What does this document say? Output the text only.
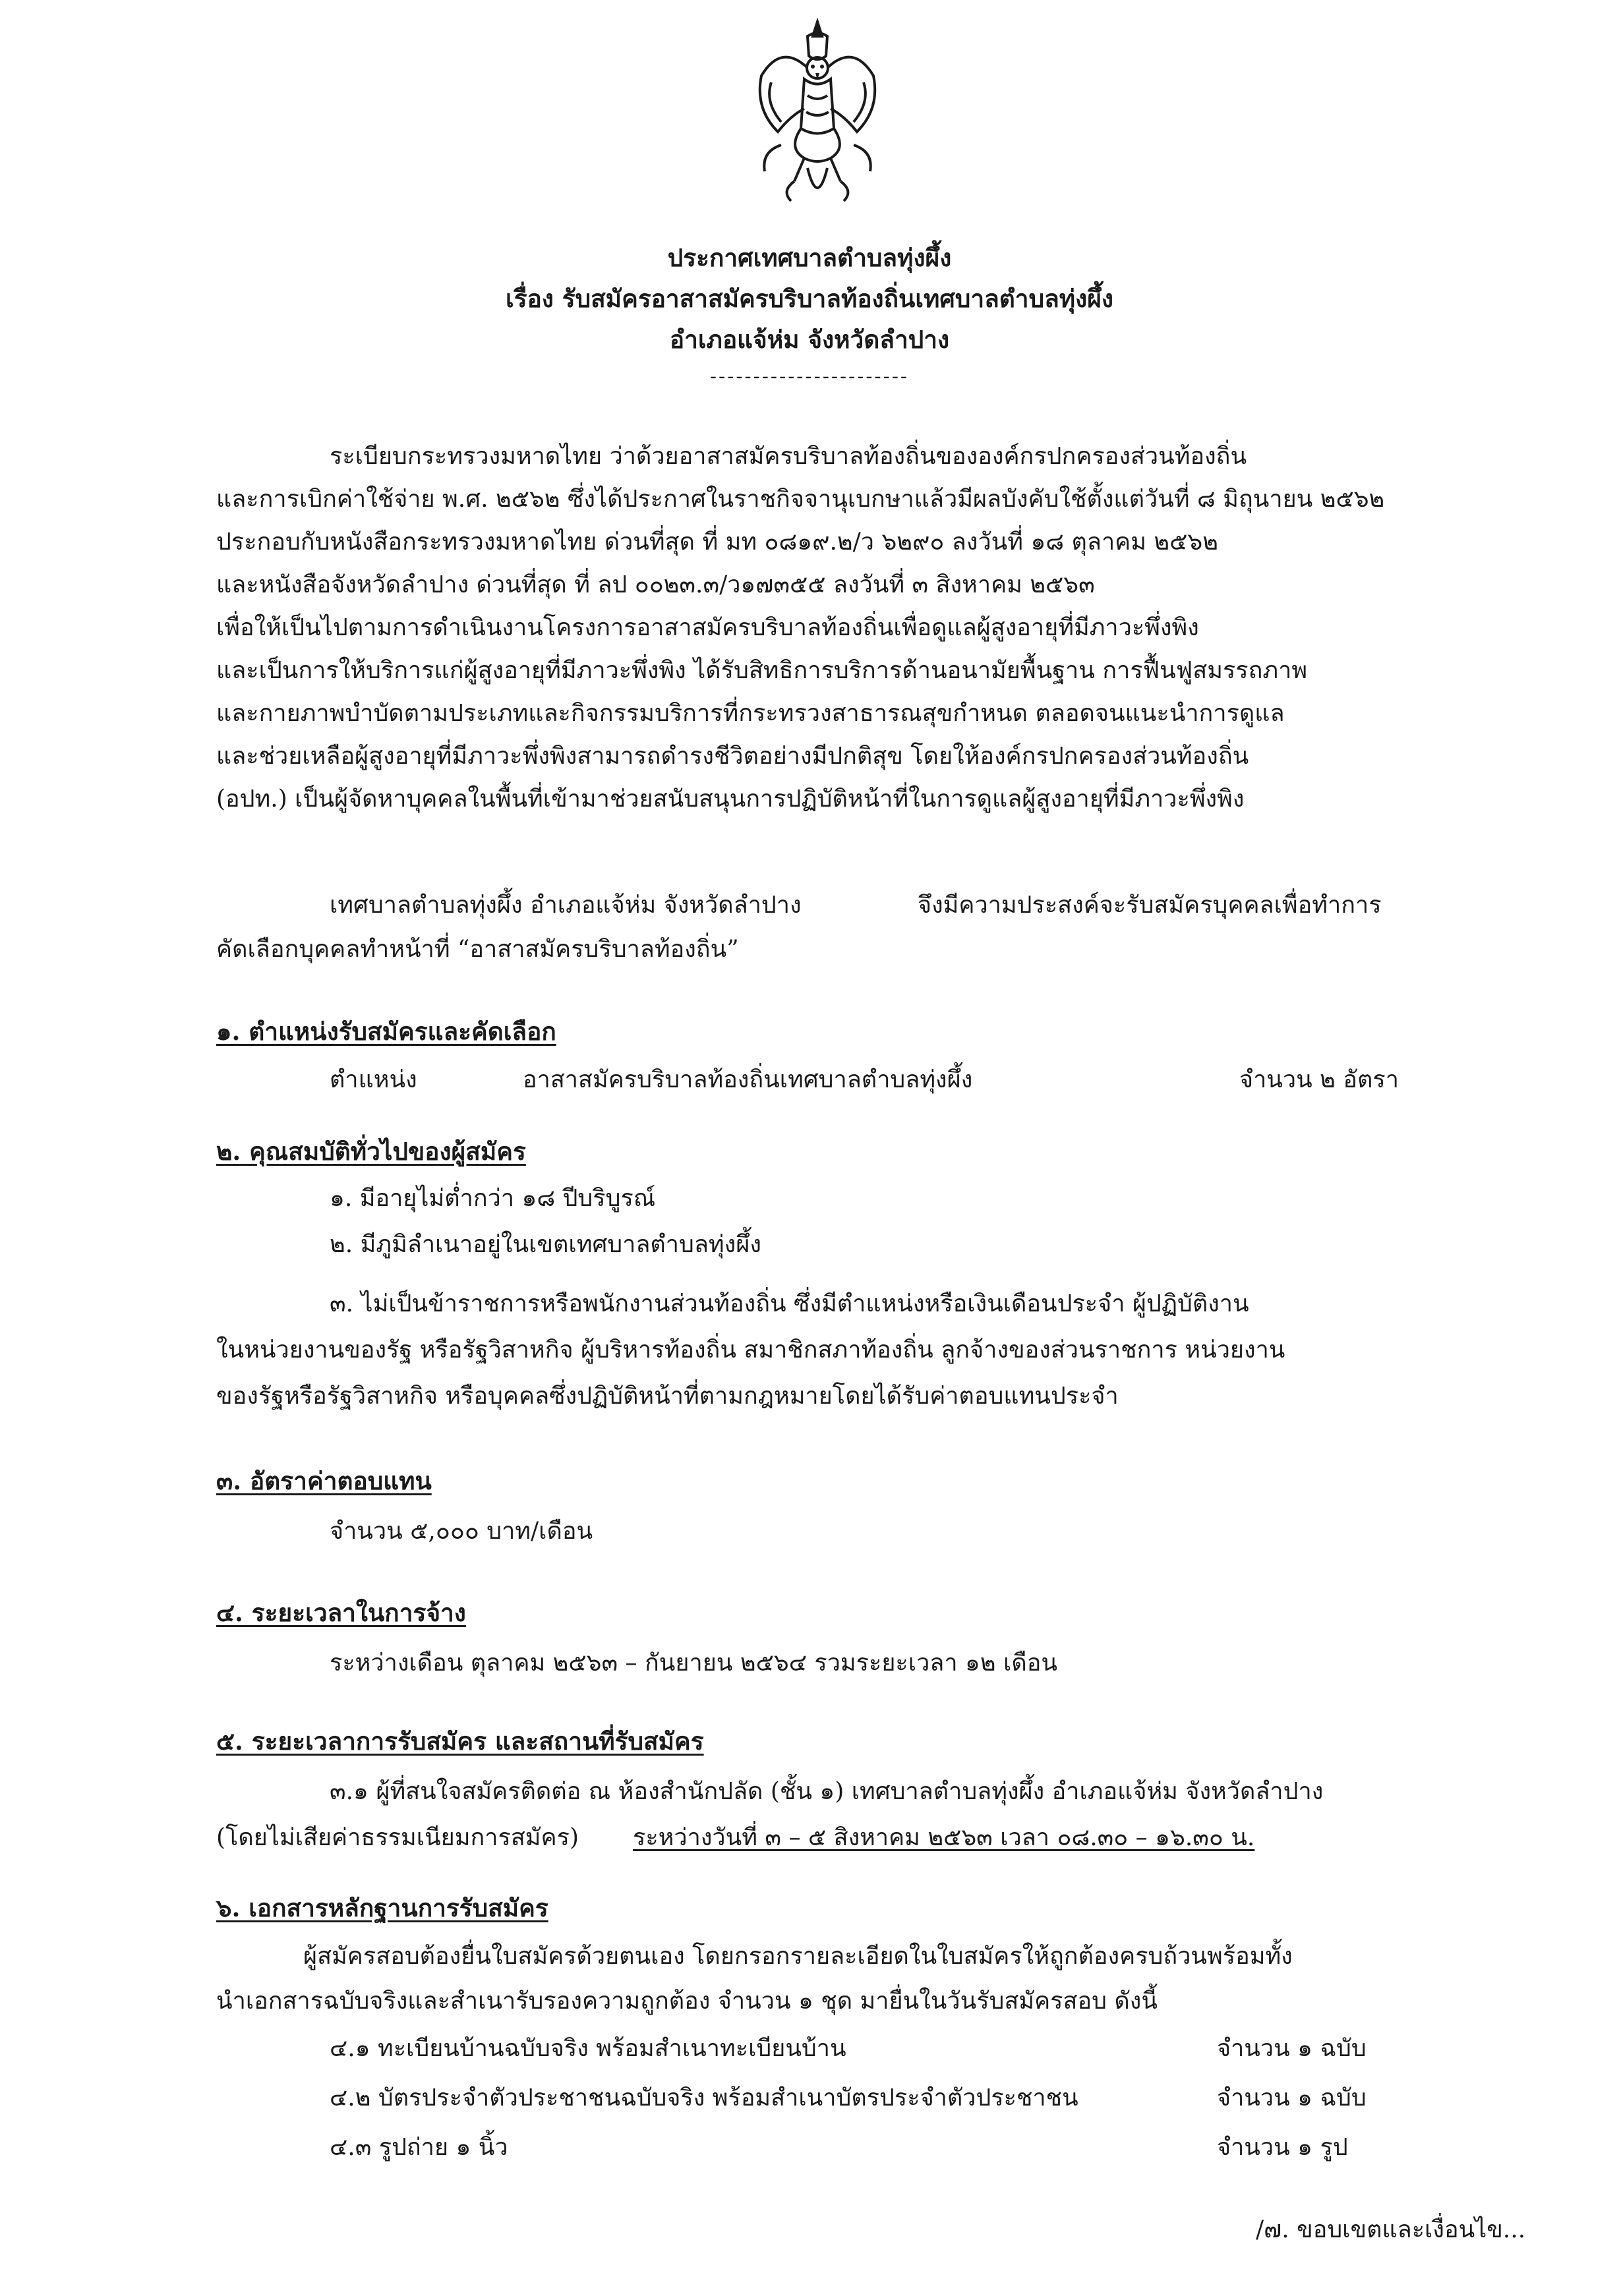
ประกาศเทศบาลตำบลทุ่งผึ้ง
เรื่อง รับสมัครอาสาสมัครบริบาลท้องถิ่นเทศบาลตำบลทุ่งผึ้ง
อำเภอแจ้ห่ม จังหวัดลำปาง
-----------------------
ระเบียบกระทรวงมหาดไทย ว่าด้วยอาสาสมัครบริบาลท้องถิ่นขององค์กรปกครองส่วนท้องถิ่น
และการเบิกค่าใช้จ่าย พ.ศ. ๒๕๖๒ ซึ่งได้ประกาศในราชกิจจานุเบกษาแล้วมีผลบังคับใช้ตั้งแต่วันที่ ๘ มิถุนายน ๒๕๖๒
ประกอบกับหนังสือกระทรวงมหาดไทย ด่วนที่สุด ที่ มท ๐๘๑๙.๒/ว ๖๒๙๐ ลงวันที่ ๑๘ ตุลาคม ๒๕๖๒
และหนังสือจังหวัดลำปาง ด่วนที่สุด ที่ ลป ๐๐๒๓.๓/ว๑๗๓๕๕ ลงวันที่ ๓ สิงหาคม ๒๕๖๓
เพื่อให้เป็นไปตามการดำเนินงานโครงการอาสาสมัครบริบาลท้องถิ่นเพื่อดูแลผู้สูงอายุที่มีภาวะพึ่งพิง
และเป็นการให้บริการแก่ผู้สูงอายุที่มีภาวะพึ่งพิง ได้รับสิทธิการบริการด้านอนามัยพื้นฐาน การฟื้นฟูสมรรถภาพ
และกายภาพบำบัดตามประเภทและกิจกรรมบริการที่กระทรวงสาธารณสุขกำหนด ตลอดจนแนะนำการดูแล
และช่วยเหลือผู้สูงอายุที่มีภาวะพึ่งพิงสามารถดำรงชีวิตอย่างมีปกติสุข โดยให้องค์กรปกครองส่วนท้องถิ่น
(อปท.) เป็นผู้จัดหาบุคคลในพื้นที่เข้ามาช่วยสนับสนุนการปฏิบัติหน้าที่ในการดูแลผู้สูงอายุที่มีภาวะพึ่งพิง
เทศบาลตำบลทุ่งผึ้ง อำเภอแจ้ห่ม จังหวัดลำปาง	จึงมีความประสงค์จะรับสมัครบุคคลเพื่อทำการ
คัดเลือกบุคคลทำหน้าที่ “อาสาสมัครบริบาลท้องถิ่น”
๑. ตำแหน่งรับสมัครและคัดเลือก
ตำแหน่ง	อาสาสมัครบริบาลท้องถิ่นเทศบาลตำบลทุ่งผึ้ง	จำนวน ๒ อัตรา
๒. คุณสมบัติทั่วไปของผู้สมัคร
๑. มีอายุไม่ต่ำกว่า ๑๘ ปีบริบูรณ์
๒. มีภูมิลำเนาอยู่ในเขตเทศบาลตำบลทุ่งผึ้ง
๓. ไม่เป็นข้าราชการหรือพนักงานส่วนท้องถิ่น ซึ่งมีตำแหน่งหรือเงินเดือนประจำ ผู้ปฏิบัติงาน
ในหน่วยงานของรัฐ หรือรัฐวิสาหกิจ ผู้บริหารท้องถิ่น สมาชิกสภาท้องถิ่น ลูกจ้างของส่วนราชการ หน่วยงาน
ของรัฐหรือรัฐวิสาหกิจ หรือบุคคลซึ่งปฏิบัติหน้าที่ตามกฎหมายโดยได้รับค่าตอบแทนประจำ
๓. อัตราค่าตอบแทน
จำนวน ๕,๐๐๐ บาท/เดือน
๔. ระยะเวลาในการจ้าง
ระหว่างเดือน ตุลาคม ๒๕๖๓ – กันยายน ๒๕๖๔ รวมระยะเวลา ๑๒ เดือน
๕. ระยะเวลาการรับสมัคร และสถานที่รับสมัคร
๓.๑ ผู้ที่สนใจสมัครติดต่อ ณ ห้องสำนักปลัด (ชั้น ๑) เทศบาลตำบลทุ่งผึ้ง อำเภอแจ้ห่ม จังหวัดลำปาง
(โดยไม่เสียค่าธรรมเนียมการสมัคร) ระหว่างวันที่ ๓ – ๕ สิงหาคม ๒๕๖๓ เวลา ๐๘.๓๐ – ๑๖.๓๐ น.
๖. เอกสารหลักฐานการรับสมัคร
ผู้สมัครสอบต้องยื่นใบสมัครด้วยตนเอง โดยกรอกรายละเอียดในใบสมัครให้ถูกต้องครบถ้วนพร้อมทั้ง
นำเอกสารฉบับจริงและสำเนารับรองความถูกต้อง จำนวน ๑ ชุด มายื่นในวันรับสมัครสอบ ดังนี้
๔.๑ ทะเบียนบ้านฉบับจริง พร้อมสำเนาทะเบียนบ้าน	จำนวน ๑ ฉบับ
๔.๒ บัตรประจำตัวประชาชนฉบับจริง พร้อมสำเนาบัตรประจำตัวประชาชน	จำนวน ๑ ฉบับ
๔.๓ รูปถ่าย ๑ นิ้ว	จำนวน ๑ รูป
/๗. ขอบเขตและเงื่อนไข...
